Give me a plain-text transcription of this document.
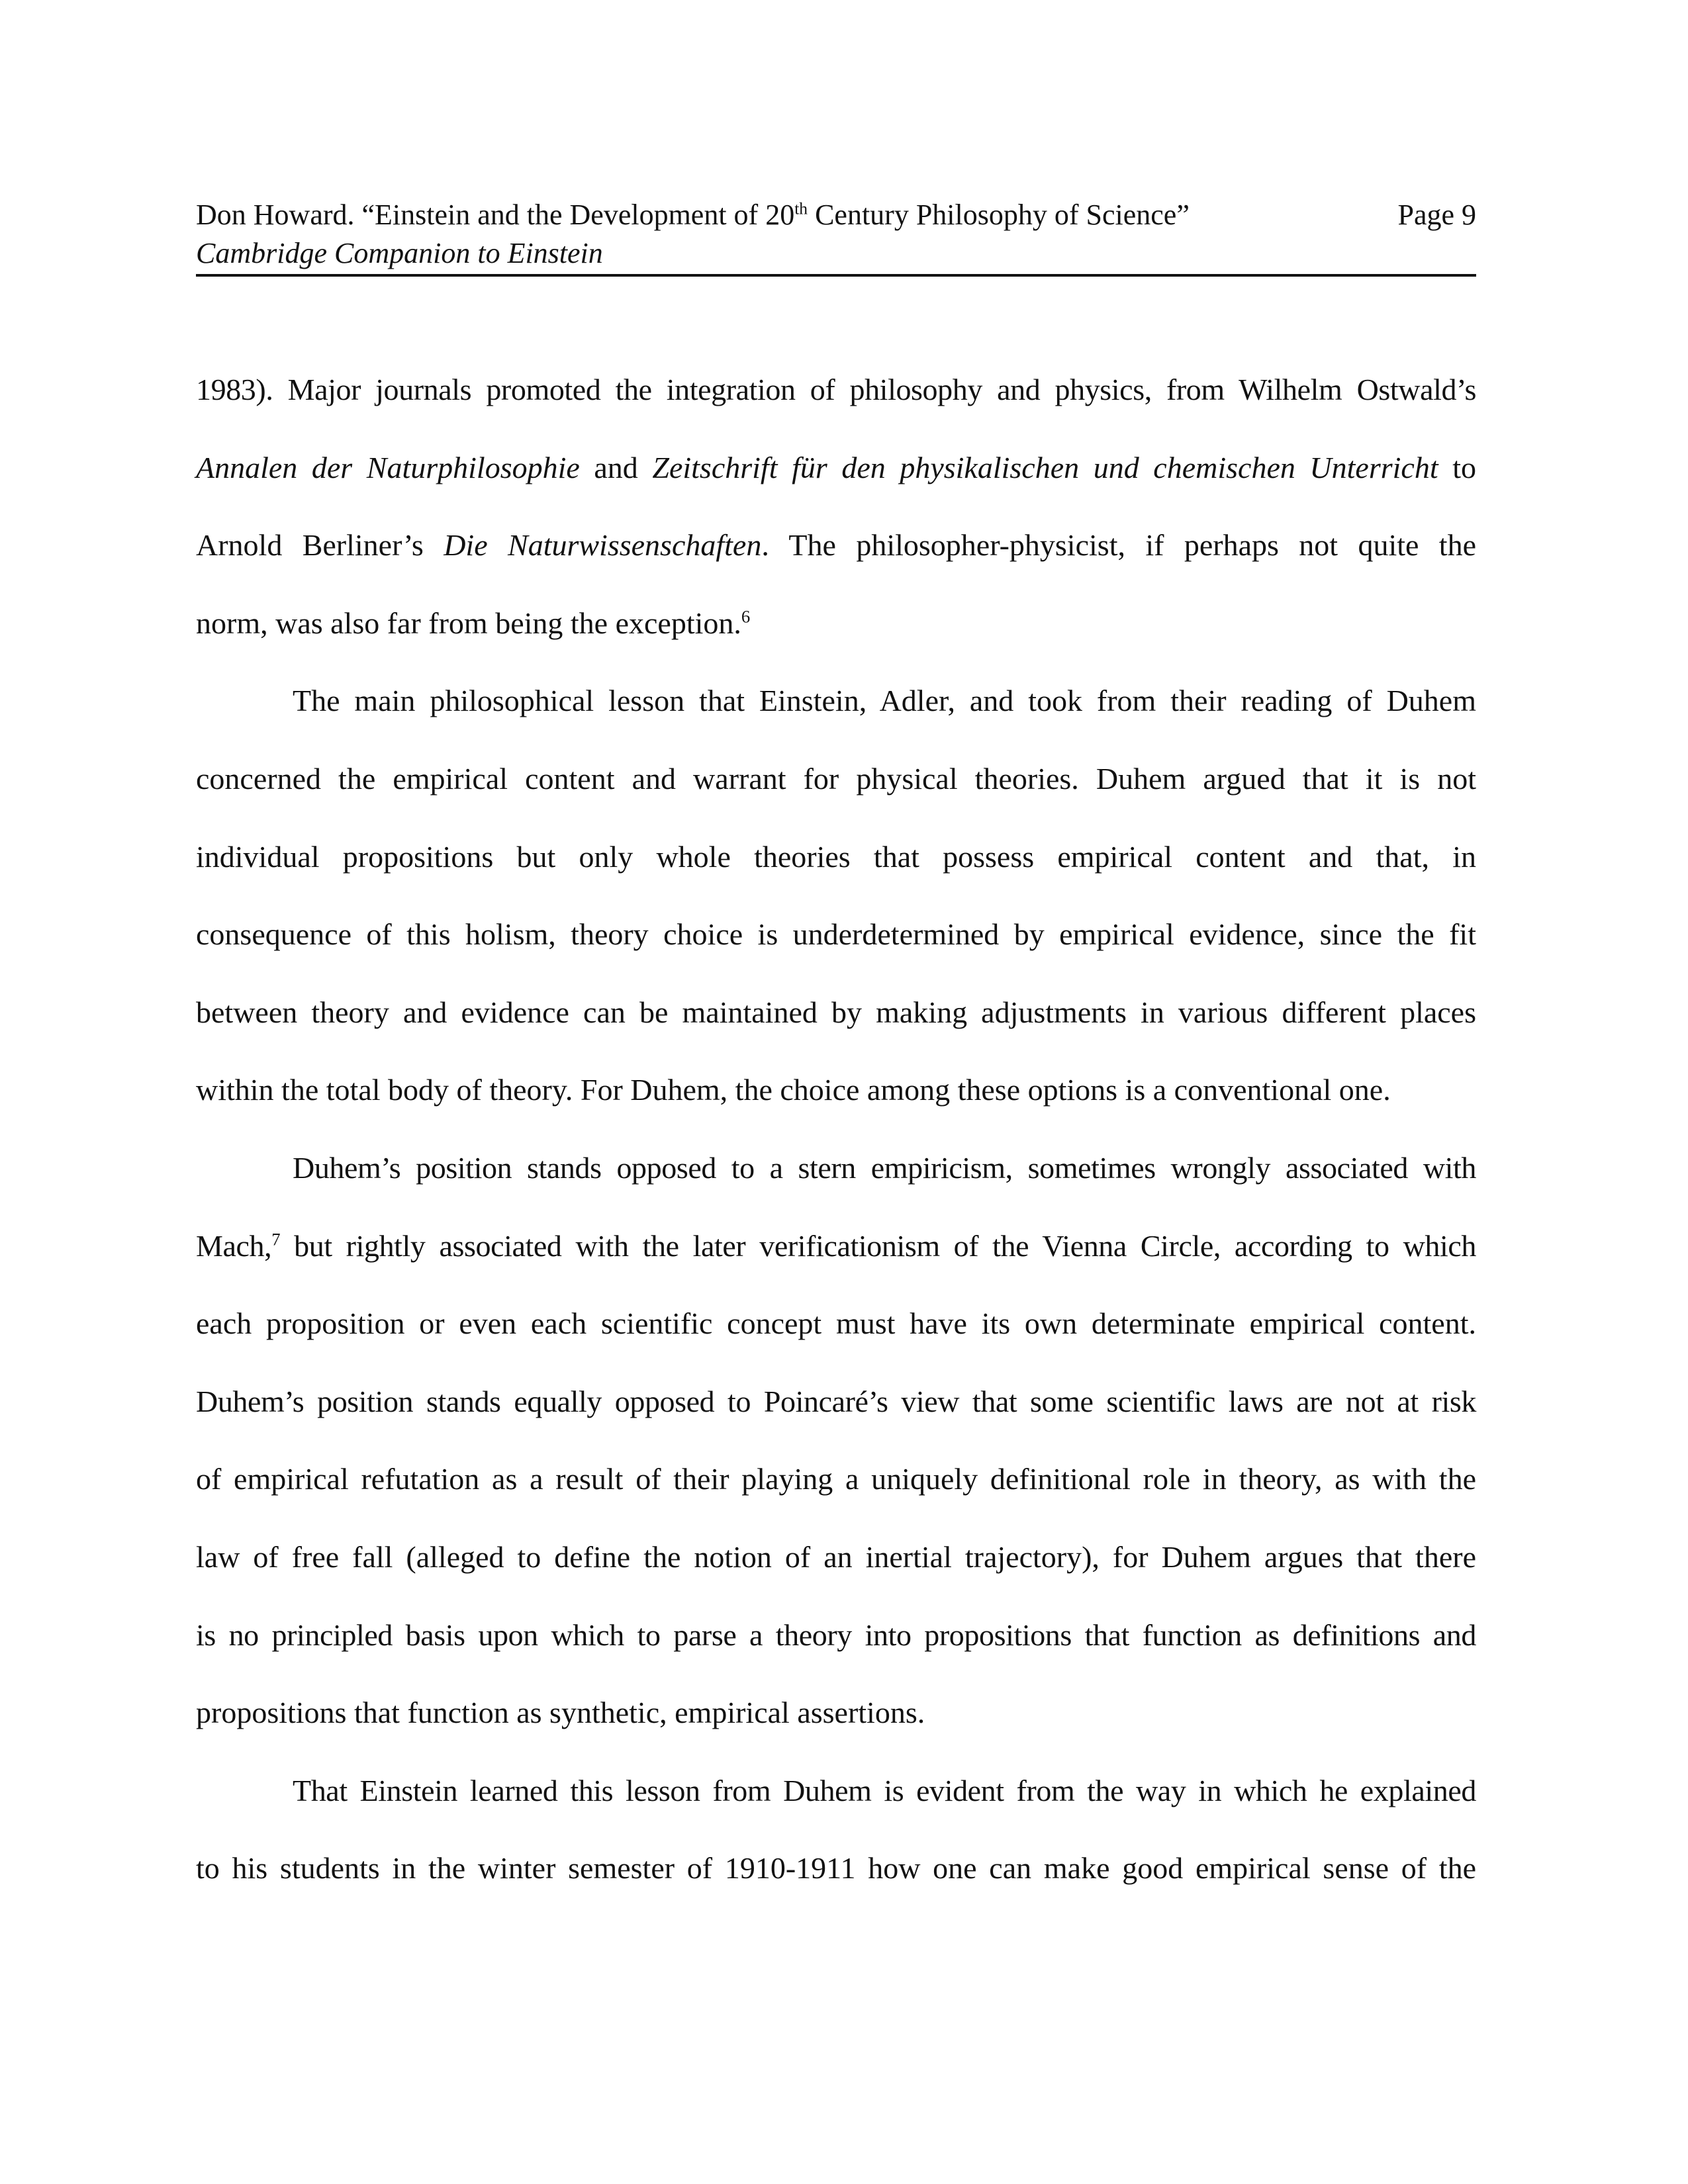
Don Howard. “Einstein and the Development of 20th Century Philosophy of Science”	Page 9
Cambridge Companion to Einstein
1983). Major journals promoted the integration of philosophy and physics, from Wilhelm Ostwald’s
Annalen der Naturphilosophie and Zeitschrift für den physikalischen und chemischen Unterricht to
Arnold Berliner’s Die Naturwissenschaften. The philosopher-physicist, if perhaps not quite the
norm, was also far from being the exception.$^6$
The main philosophical lesson that Einstein, Adler, and took from their reading of Duhem
concerned the empirical content and warrant for physical theories. Duhem argued that it is not
individual propositions but only whole theories that possess empirical content and that, in
consequence of this holism, theory choice is underdetermined by empirical evidence, since the fit
between theory and evidence can be maintained by making adjustments in various different places
within the total body of theory. For Duhem, the choice among these options is a conventional one.
Duhem’s position stands opposed to a stern empiricism, sometimes wrongly associated with
Mach,$^7$ but rightly associated with the later verificationism of the Vienna Circle, according to which
each proposition or even each scientific concept must have its own determinate empirical content.
Duhem’s position stands equally opposed to Poincaré’s view that some scientific laws are not at risk
of empirical refutation as a result of their playing a uniquely definitional role in theory, as with the
law of free fall (alleged to define the notion of an inertial trajectory), for Duhem argues that there
is no principled basis upon which to parse a theory into propositions that function as definitions and
propositions that function as synthetic, empirical assertions.
That Einstein learned this lesson from Duhem is evident from the way in which he explained
to his students in the winter semester of 1910-1911 how one can make good empirical sense of the
